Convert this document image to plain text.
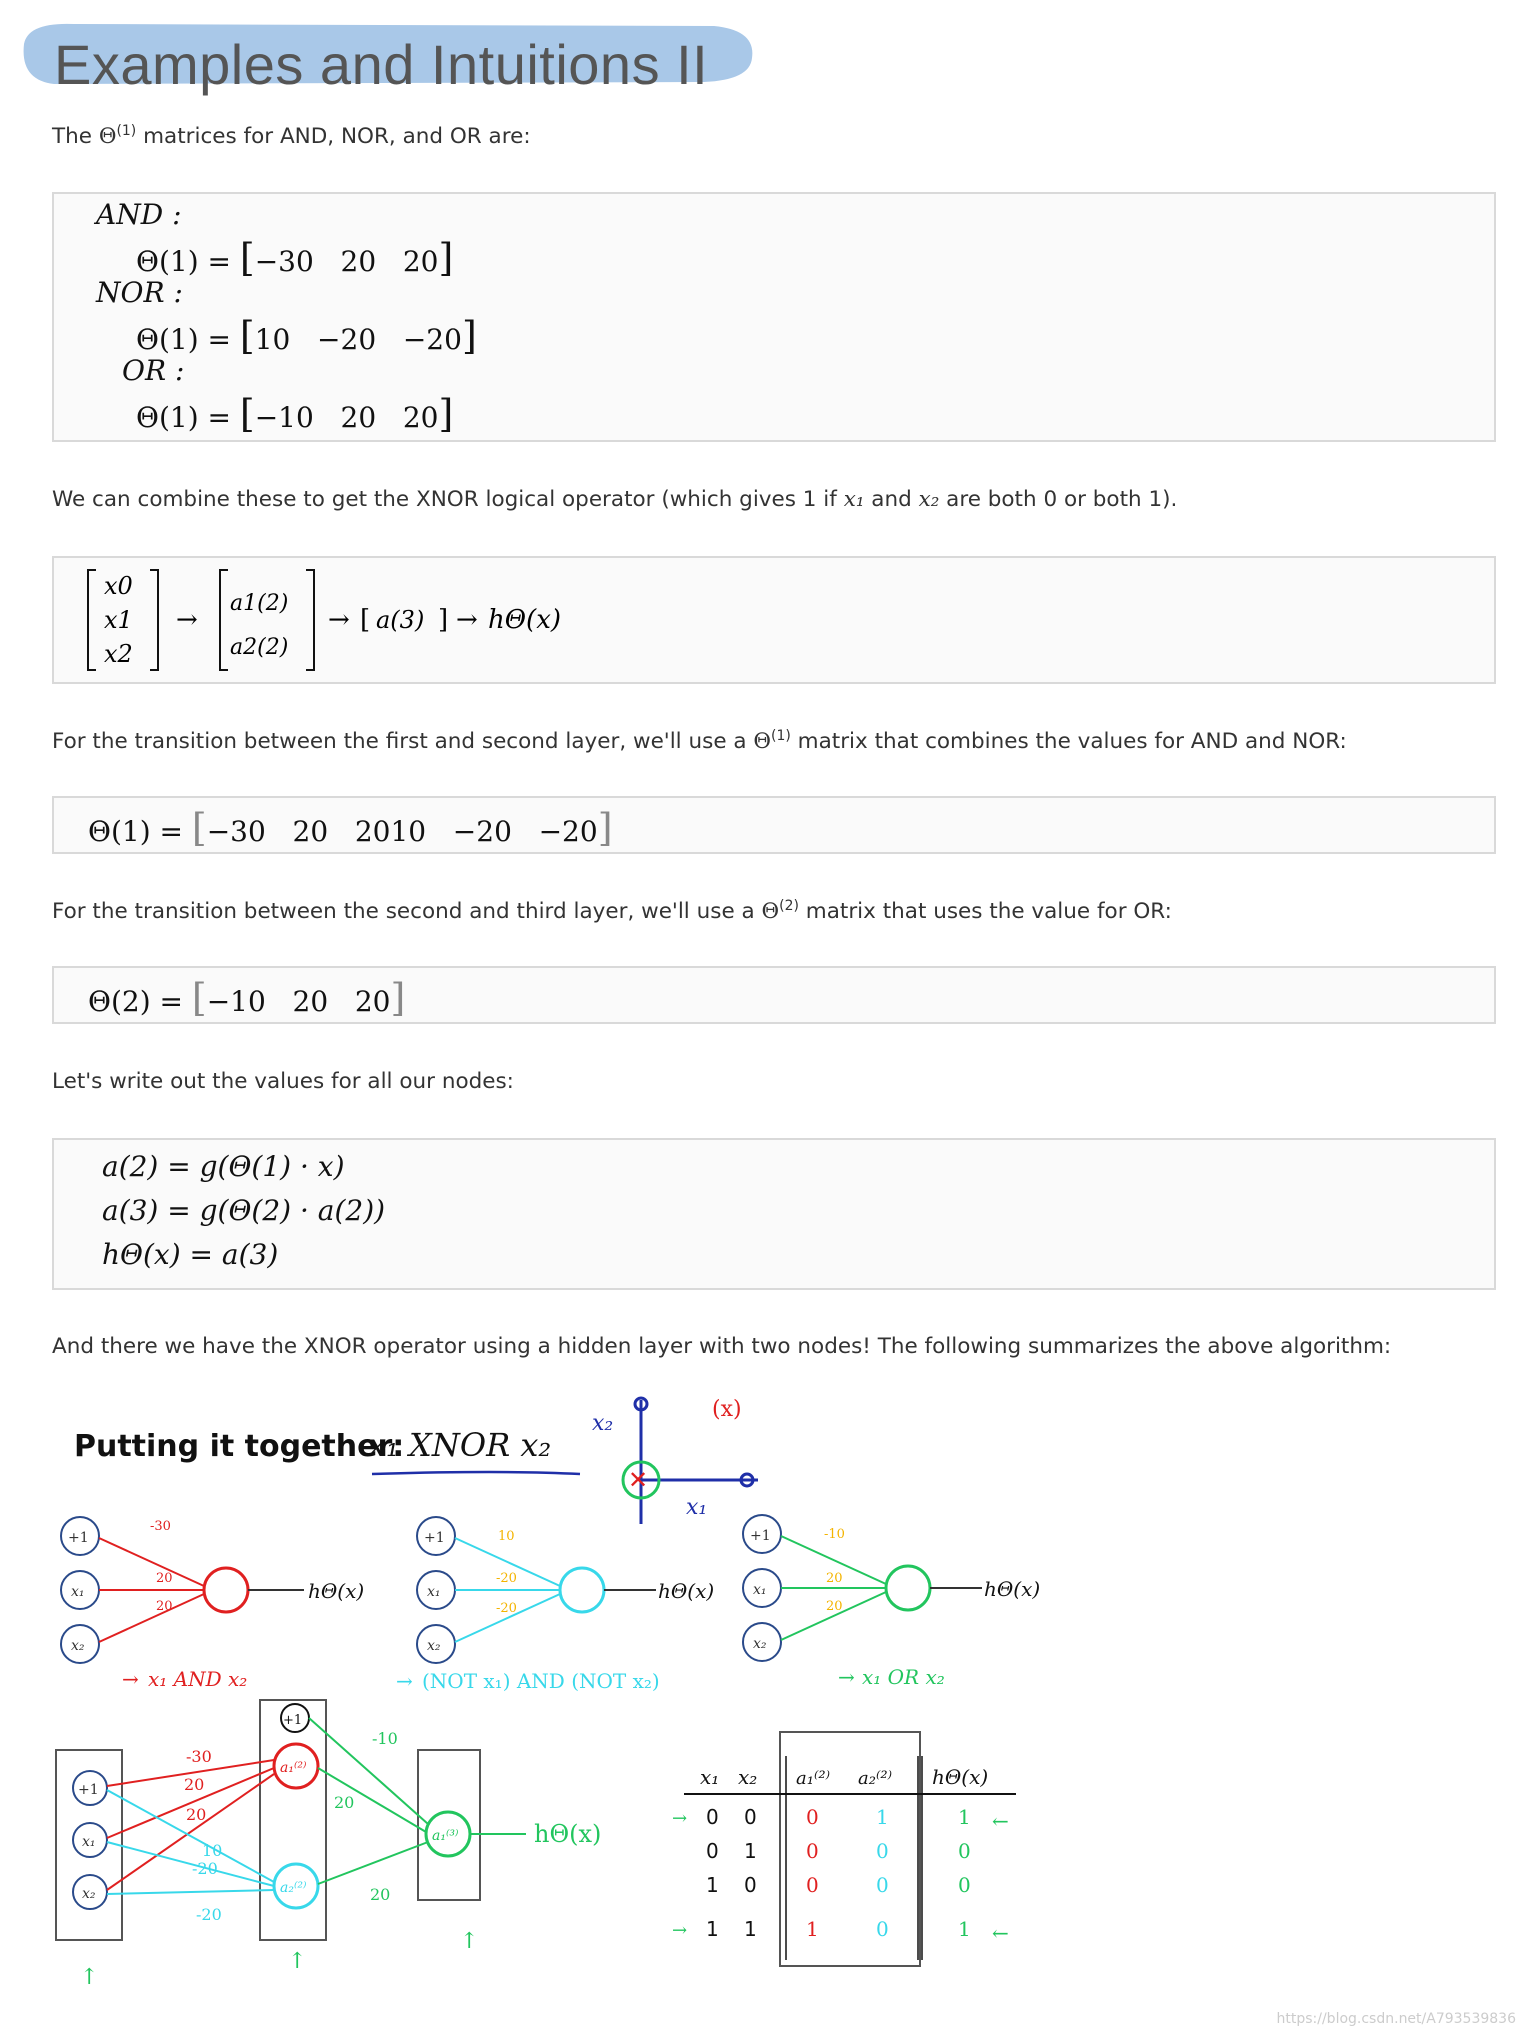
Examples and Intuitions II
The $\Theta^{(1)}$ matrices for AND, NOR, and OR are:
AND :
Θ(1) = [−30   20   20]
NOR :
Θ(1) = [10   −20   −20]
OR :
Θ(1) = [−10   20   20]
We can combine these to get the XNOR logical operator (which gives 1 if x₁ and x₂ are both 0 or both 1).
x0
x1
x2
→
a1(2)
a2(2)
→ [ a(3) ] → hΘ(x)
For the transition between the first and second layer, we'll use a $\Theta^{(1)}$ matrix that combines the values for AND and NOR:
Θ(1) = [−30   20   2010   −20   −20]
For the transition between the second and third layer, we'll use a $\Theta^{(2)}$ matrix that uses the value for OR:
Θ(2) = [−10   20   20]
Let's write out the values for all our nodes:
a(2) = g(Θ(1) · x)
a(3) = g(Θ(2) · a(2))
hΘ(x) = a(3)
And there we have the XNOR operator using a hidden layer with two nodes! The following summarizes the above algorithm:
Putting it together:
x₁ XNOR x₂
✕
x₂
x₁
(x)
+1
x₁
x₂
hΘ(x)
-30
20
20
→ x₁ AND x₂
+1
x₁
x₂
hΘ(x)
10
-20
-20
→ (NOT x₁) AND (NOT x₂)
+1
x₁
x₂
hΘ(x)
-10
20
20
→ x₁ OR x₂
+1
x₁
x₂
+1
a₁⁽²⁾
a₂⁽²⁾
a₁⁽³⁾	hΘ(x)
-30
20
20
10
-20
-20
-10
20
20
↑
↑
↑
x₁ x₂ a₁⁽²⁾ a₂⁽²⁾ hΘ(x)
→
→
0 0 0	1	1
0 1 0	0	0
1 0 0	0	0
1 1 1	0	1
←
←
https://blog.csdn.net/A793539836
